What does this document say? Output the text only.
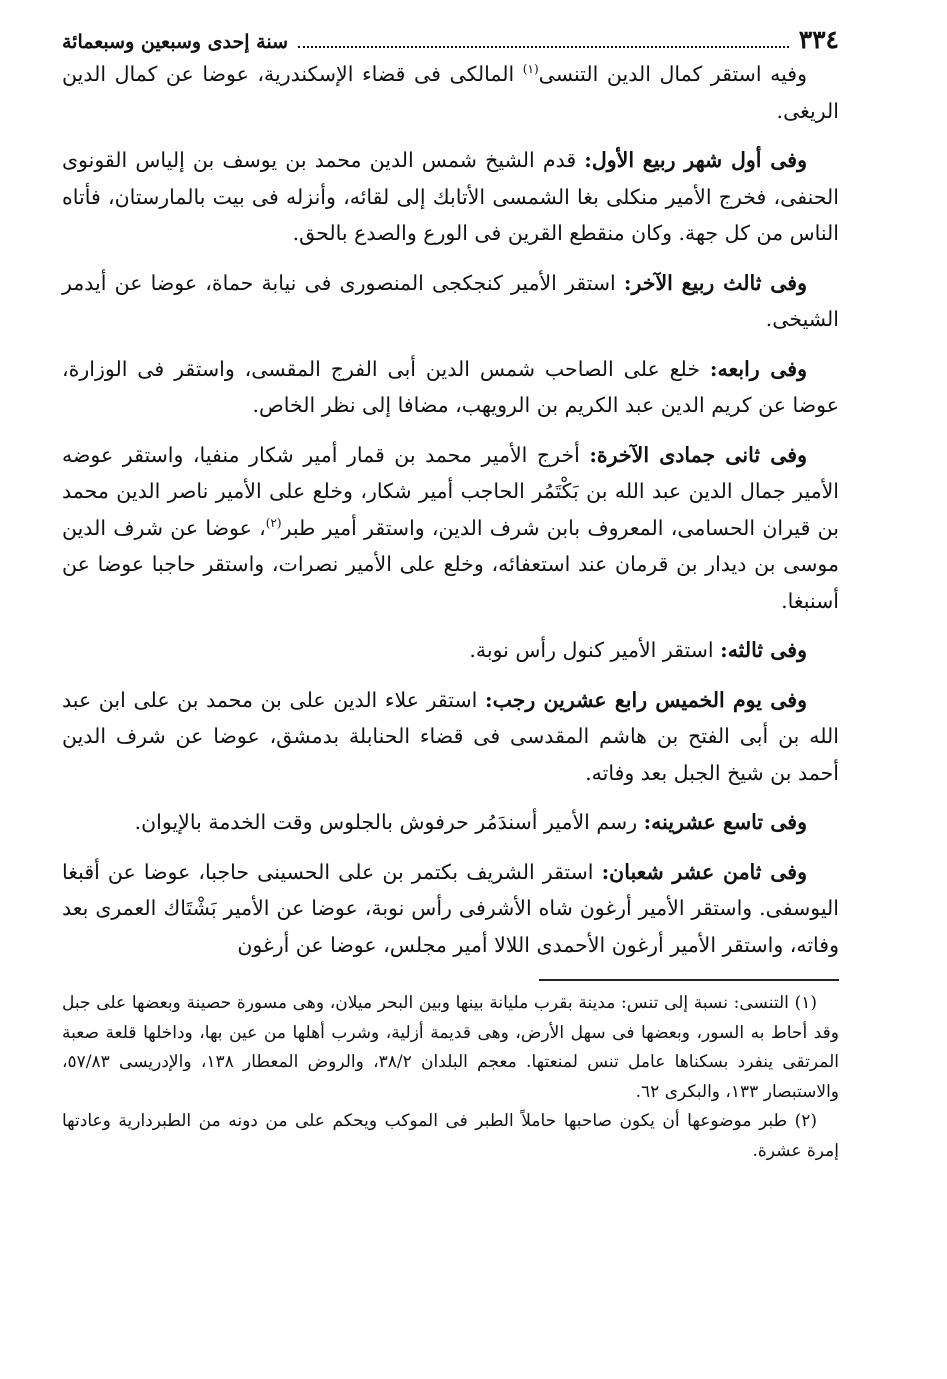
٣٣٤
سنة إحدى وسبعين وسبعمائة

وفيه استقر كمال الدين التنسى$^{(١)}$ المالكى فى قضاء الإسكندرية، عوضا عن كمال الدين الريغى.

وفى أول شهر ربيع الأول: قدم الشيخ شمس الدين محمد بن يوسف بن إلياس القونوى الحنفى، فخرج الأمير منكلى بغا الشمسى الأتابك إلى لقائه، وأنزله فى بيت بالمارستان، فأتاه الناس من كل جهة. وكان منقطع القرين فى الورع والصدع بالحق.

وفى ثالث ربيع الآخر: استقر الأمير كنجكجى المنصورى فى نيابة حماة، عوضا عن أيدمر الشيخى.

وفى رابعه: خلع على الصاحب شمس الدين أبى الفرج المقسى، واستقر فى الوزارة، عوضا عن كريم الدين عبد الكريم بن الرويهب، مضافا إلى نظر الخاص.

وفى ثانى جمادى الآخرة: أخرج الأمير محمد بن قمار أمير شكار منفيا، واستقر عوضه الأمير جمال الدين عبد الله بن بَكْتَمُر الحاجب أمير شكار، وخلع على الأمير ناصر الدين محمد بن قيران الحسامى، المعروف بابن شرف الدين، واستقر أمير طبر$^{(٢)}$، عوضا عن شرف الدين موسى بن ديدار بن قرمان عند استعفائه، وخلع على الأمير نصرات، واستقر حاجبا عوضا عن أسنبغا.

وفى ثالثه: استقر الأمير كنول رأس نوبة.

وفى يوم الخميس رابع عشرين رجب: استقر علاء الدين على بن محمد بن على ابن عبد الله بن أبى الفتح بن هاشم المقدسى فى قضاء الحنابلة بدمشق، عوضا عن شرف الدين أحمد بن شيخ الجبل بعد وفاته.

وفى تاسع عشرينه: رسم الأمير أسندَمُر حرفوش بالجلوس وقت الخدمة بالإيوان.

وفى ثامن عشر شعبان: استقر الشريف بكتمر بن على الحسينى حاجبا، عوضا عن أقبغا اليوسفى. واستقر الأمير أرغون شاه الأشرفى رأس نوبة، عوضا عن الأمير بَشْتَاك العمرى بعد وفاته، واستقر الأمير أرغون الأحمدى اللالا أمير مجلس، عوضا عن أرغون

(١) التنسى: نسبة إلى تنس: مدينة بقرب مليانة بينها وبين البحر ميلان، وهى مسورة حصينة وبعضها على جبل وقد أحاط به السور، وبعضها فى سهل الأرض، وهى قديمة أزلية، وشرب أهلها من عين بها، وداخلها قلعة صعبة المرتقى ينفرد بسكناها عامل تنس لمنعتها. معجم البلدان ٣٨/٢، والروض المعطار ١٣٨، والإدريسى ٥٧/٨٣، والاستبصار ١٣٣، والبكرى ٦٢.

(٢) طبر موضوعها أن يكون صاحبها حاملاً الطبر فى الموكب ويحكم على من دونه من الطبردارية وعادتها إمرة عشرة.
